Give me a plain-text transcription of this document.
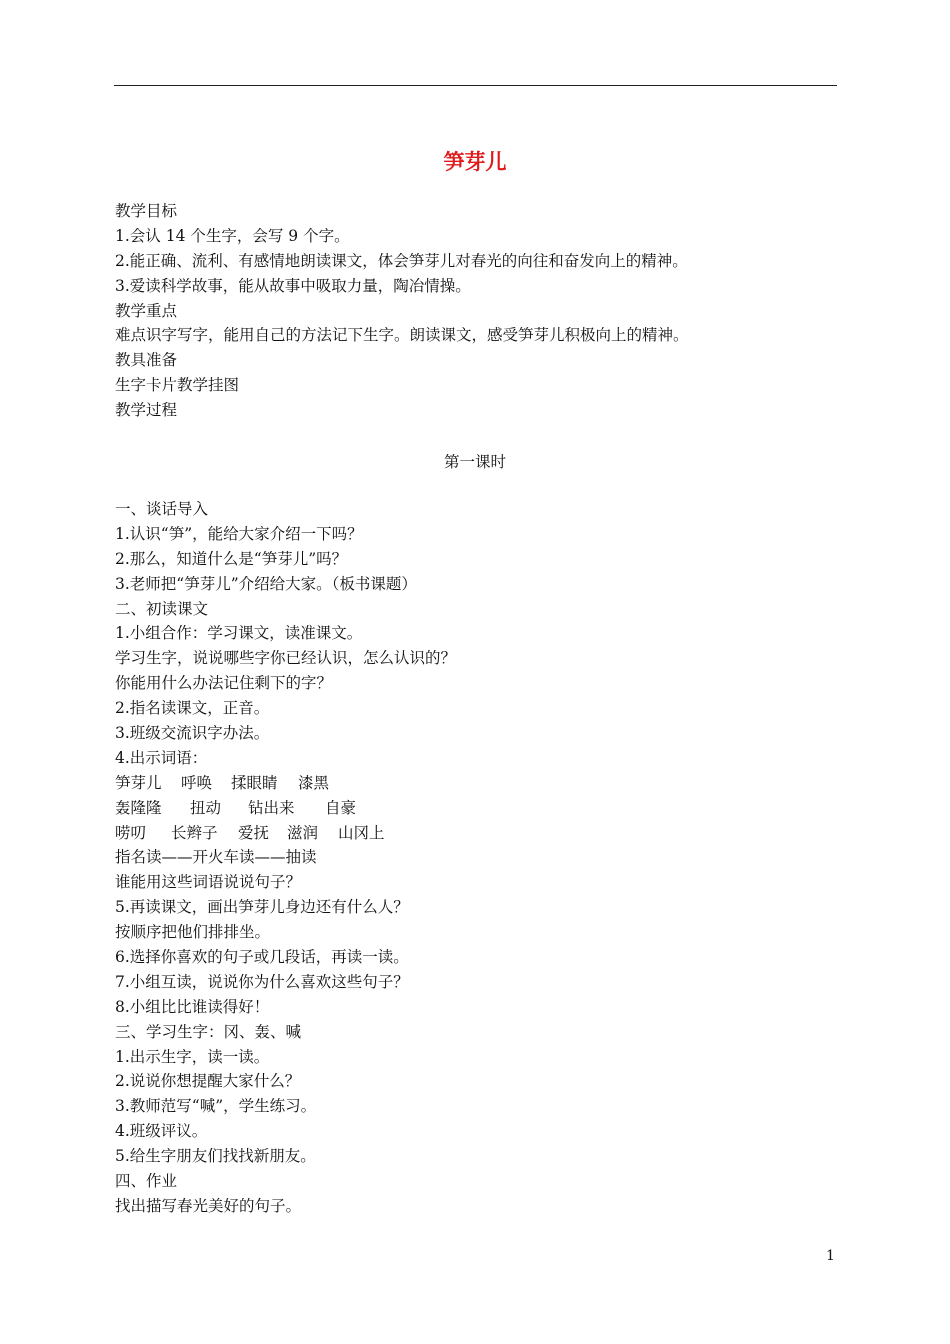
笋芽儿
教学目标
1.会认 14 个生字，会写 9 个字。
2.能正确、流利、有感情地朗读课文，体会笋芽儿对春光的向往和奋发向上的精神。
3.爱读科学故事，能从故事中吸取力量，陶冶情操。
教学重点
难点识字写字，能用自己的方法记下生字。朗读课文，感受笋芽儿积极向上的精神。
教具准备
生字卡片教学挂图
教学过程
第一课时
一、谈话导入
1.认识“笋”，能给大家介绍一下吗？
2.那么，知道什么是“笋芽儿”吗？
3.老师把“笋芽儿”介绍给大家。（板书课题）
二、初读课文
1.小组合作：学习课文，读准课文。
学习生字，说说哪些字你已经认识，怎么认识的？
你能用什么办法记住剩下的字？
2.指名读课文，正音。
3.班级交流识字办法。
4.出示词语：
笋芽儿 呼唤 揉眼睛 漆黑
轰隆隆 扭动 钻出来 自豪
唠叨 长辫子 爱抚 滋润 山冈上
指名读——开火车读——抽读
谁能用这些词语说说句子？
5.再读课文，画出笋芽儿身边还有什么人？
按顺序把他们排排坐。
6.选择你喜欢的句子或几段话，再读一读。
7.小组互读，说说你为什么喜欢这些句子？
8.小组比比谁读得好！
三、学习生字：冈、轰、喊
1.出示生字，读一读。
2.说说你想提醒大家什么？
3.教师范写“喊”，学生练习。
4.班级评议。
5.给生字朋友们找找新朋友。
四、作业
找出描写春光美好的句子。
1
